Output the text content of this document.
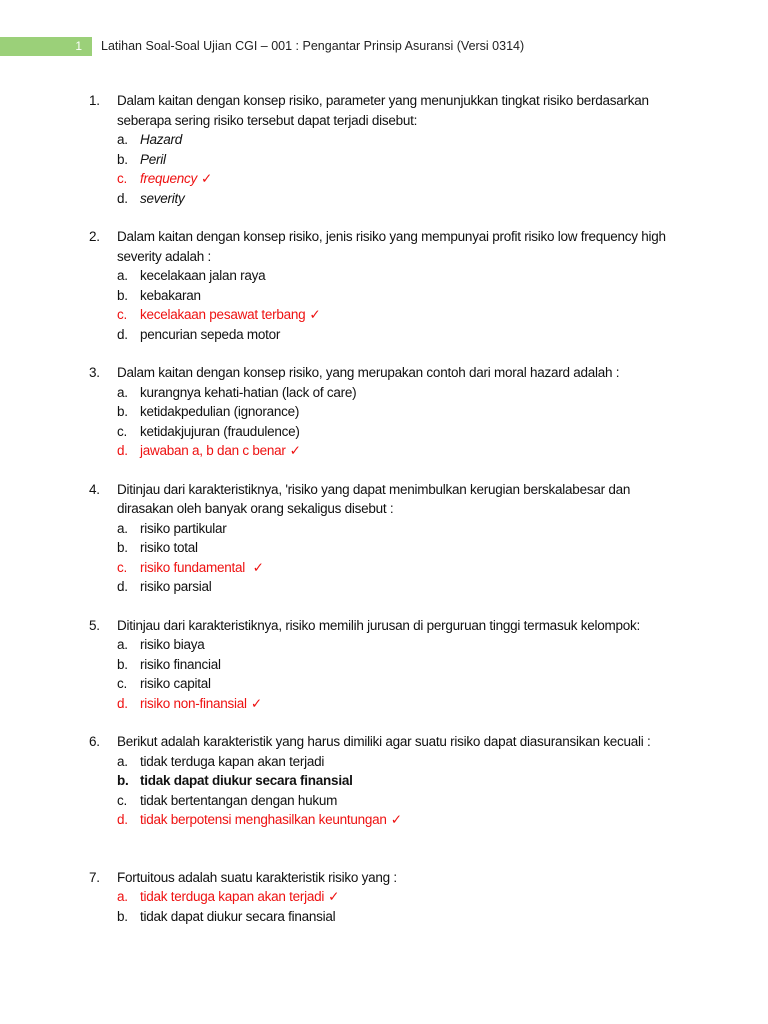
1	Latihan Soal-Soal Ujian CGI – 001 : Pengantar Prinsip Asuransi (Versi 0314)
1. Dalam kaitan dengan konsep risiko, parameter yang menunjukkan tingkat risiko berdasarkan seberapa sering risiko tersebut dapat terjadi disebut:
a. Hazard
b. Peril
c. frequency ✓
d. severity
2. Dalam kaitan dengan konsep risiko, jenis risiko yang mempunyai profit risiko low frequency high severity adalah :
a. kecelakaan jalan raya
b. kebakaran
c. kecelakaan pesawat terbang ✓
d. pencurian sepeda motor
3. Dalam kaitan dengan konsep risiko, yang merupakan contoh dari moral hazard adalah :
a. kurangnya kehati-hatian (lack of care)
b. ketidakpedulian (ignorance)
c. ketidakjujuran (fraudulence)
d. jawaban a, b dan c benar ✓
4. Ditinjau dari karakteristiknya, 'risiko yang dapat menimbulkan kerugian berskalabesar dan dirasakan oleh banyak orang sekaligus disebut :
a. risiko partikular
b. risiko total
c. risiko fundamental ✓
d. risiko parsial
5. Ditinjau dari karakteristiknya, risiko memilih jurusan di perguruan tinggi termasuk kelompok:
a. risiko biaya
b. risiko financial
c. risiko capital
d. risiko non-finansial ✓
6. Berikut adalah karakteristik yang harus dimiliki agar suatu risiko dapat diasuransikan kecuali :
a. tidak terduga kapan akan terjadi
b. tidak dapat diukur secara finansial
c. tidak bertentangan dengan hukum
d. tidak berpotensi menghasilkan keuntungan ✓
7. Fortuitous adalah suatu karakteristik risiko yang :
a. tidak terduga kapan akan terjadi ✓
b. tidak dapat diukur secara finansial
